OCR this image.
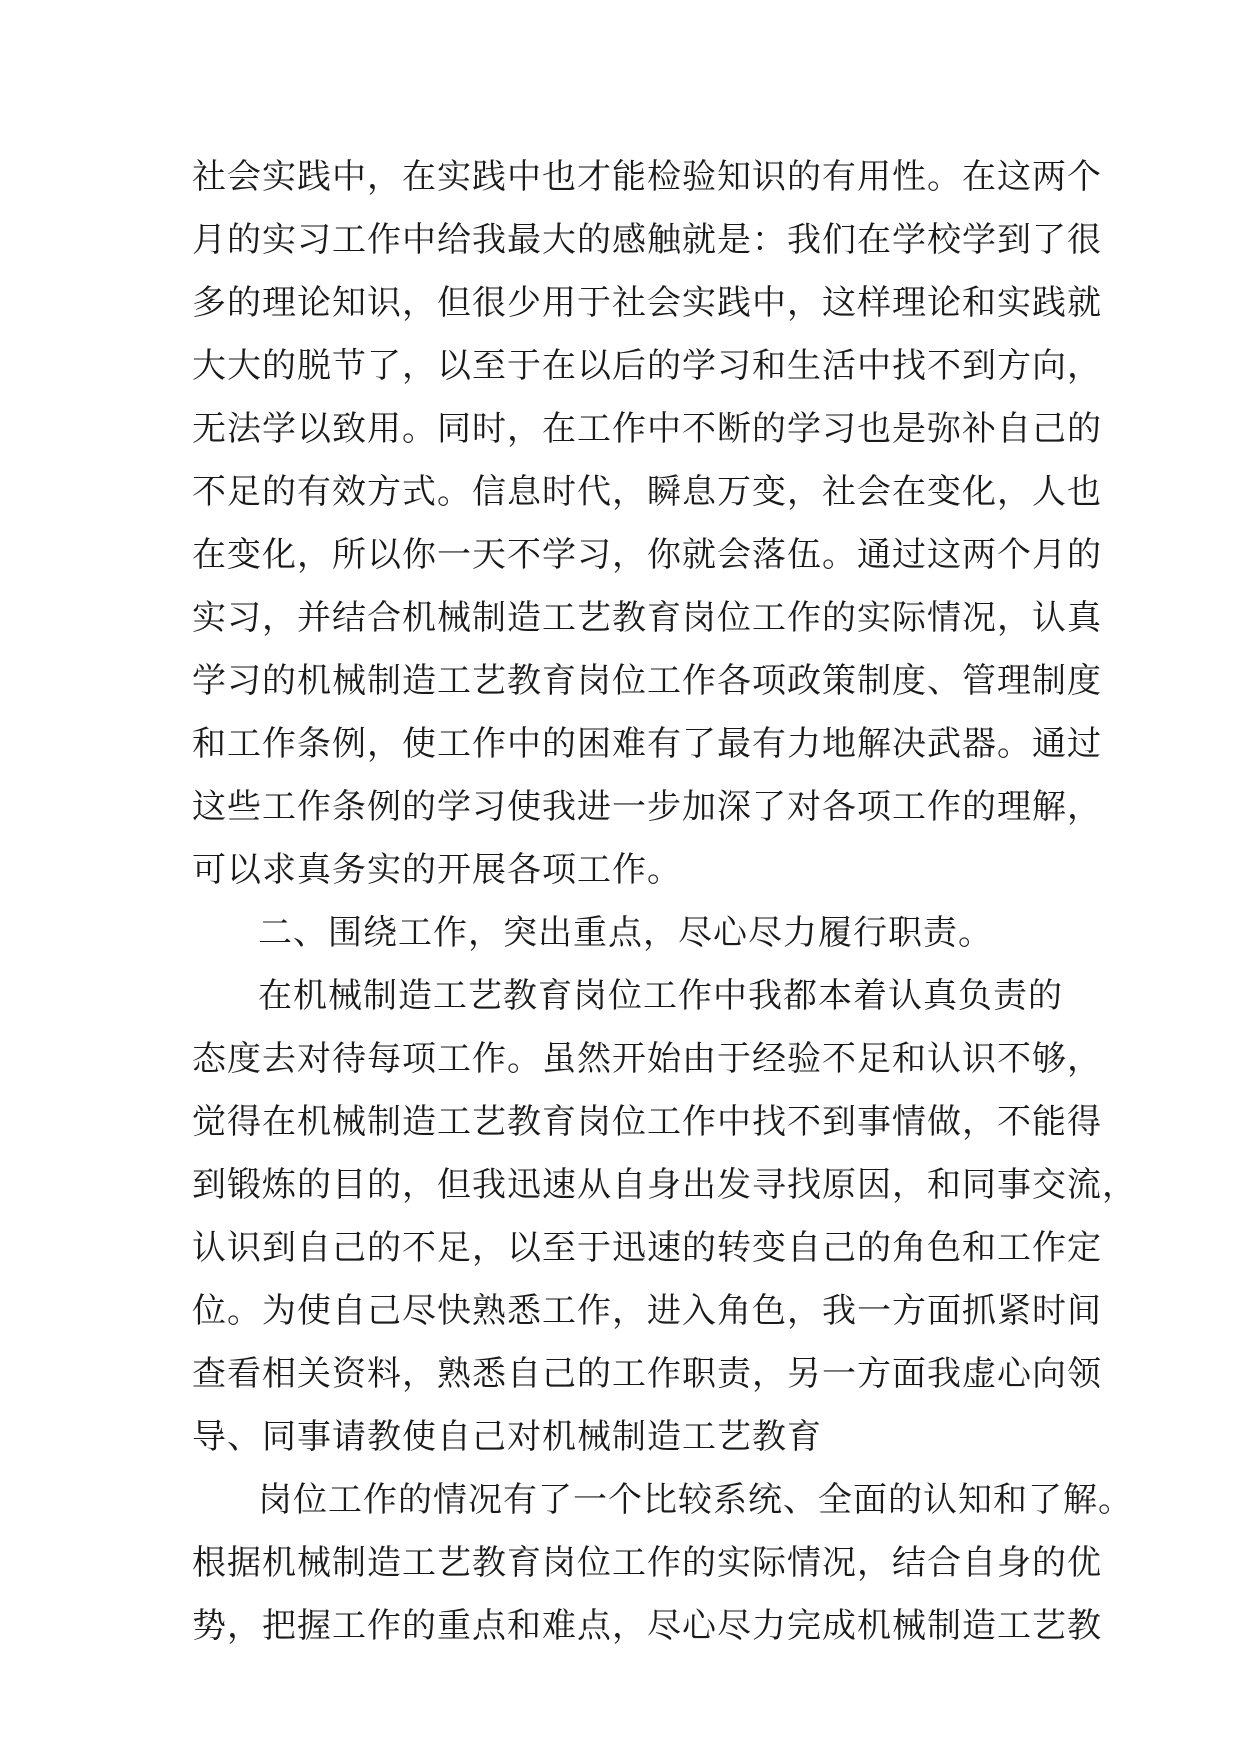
社会实践中，在实践中也才能检验知识的有用性。在这两个
月的实习工作中给我最大的感触就是：我们在学校学到了很
多的理论知识，但很少用于社会实践中，这样理论和实践就
大大的脱节了，以至于在以后的学习和生活中找不到方向，
无法学以致用。同时，在工作中不断的学习也是弥补自己的
不足的有效方式。信息时代，瞬息万变，社会在变化，人也
在变化，所以你一天不学习，你就会落伍。通过这两个月的
实习，并结合机械制造工艺教育岗位工作的实际情况，认真
学习的机械制造工艺教育岗位工作各项政策制度、管理制度
和工作条例，使工作中的困难有了最有力地解决武器。通过
这些工作条例的学习使我进一步加深了对各项工作的理解，
可以求真务实的开展各项工作。
二、围绕工作，突出重点，尽心尽力履行职责。
在机械制造工艺教育岗位工作中我都本着认真负责的
态度去对待每项工作。虽然开始由于经验不足和认识不够，
觉得在机械制造工艺教育岗位工作中找不到事情做，不能得
到锻炼的目的，但我迅速从自身出发寻找原因，和同事交流，
认识到自己的不足，以至于迅速的转变自己的角色和工作定
位。为使自己尽快熟悉工作，进入角色，我一方面抓紧时间
查看相关资料，熟悉自己的工作职责，另一方面我虚心向领
导、同事请教使自己对机械制造工艺教育
岗位工作的情况有了一个比较系统、全面的认知和了解。
根据机械制造工艺教育岗位工作的实际情况，结合自身的优
势，把握工作的重点和难点，尽心尽力完成机械制造工艺教
